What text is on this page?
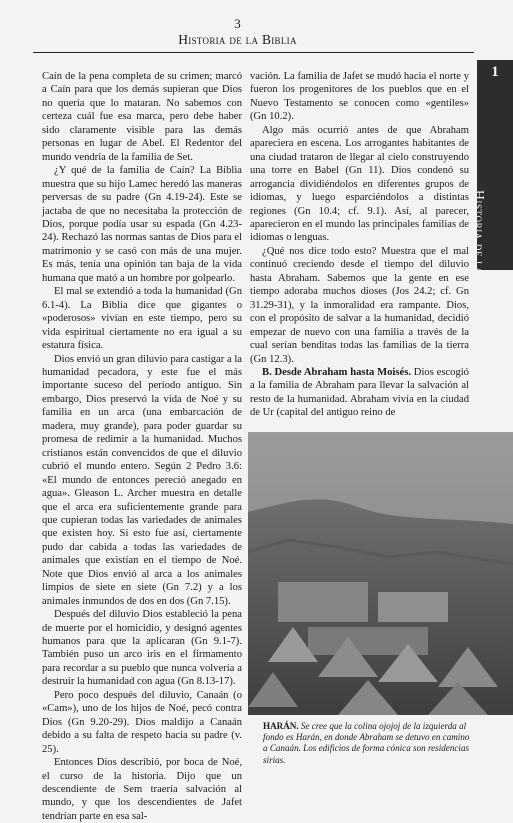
3
Historia de la Biblia
1
Historia de la Biblia

Caín de la pena completa de su crimen; marcó a Caín para que los demás supieran que Dios no quería que lo mataran. No sabemos con certeza cuál fue esa marca, pero debe haber sido claramente visible para las demás personas en lugar de Abel. El Redentor del mundo vendría de la familia de Set.

¿Y qué de la familia de Caín? La Biblia muestra que su hijo Lamec heredó las maneras perversas de su padre (Gn 4.19-24). Este se jactaba de que no necesitaba la protección de Dios, porque podía usar su espada (Gn 4.23-24). Rechazó las normas santas de Dios para el matrimonio y se casó con más de una mujer. Es más, tenía una opinión tan baja de la vida humana que mató a un hombre por golpearlo.

El mal se extendió a toda la humanidad (Gn 6.1-4). La Biblia dice que gigantes o «poderosos» vivían en este tiempo, pero su vida espiritual ciertamente no era igual a su estatura física.

Dios envió un gran diluvio para castigar a la humanidad pecadora, y este fue el más importante suceso del período antiguo. Sin embargo, Dios preservó la vida de Noé y su familia en un arca (una embarcación de madera, muy grande), para poder guardar su promesa de redimir a la humanidad. Muchos cristianos están convencidos de que el diluvio cubrió el mundo entero. Según 2 Pedro 3.6: «El mundo de entonces pereció anegado en agua». Gleason L. Archer muestra en detalle que el arca era suficientemente grande para que cupieran todas las variedades de animales que existen hoy. Si esto fue así, ciertamente pudo dar cabida a todas las variedades de animales que existían en el tiempo de Noé. Note que Dios envió al arca a los animales limpios de siete en siete (Gn 7.2) y a los animales inmundos de dos en dos (Gn 7.15).

Después del diluvio Dios estableció la pena de muerte por el homicidio, y designó agentes humanos para que la aplicaran (Gn 9.1-7). También puso un arco iris en el firmamento para recordar a su pueblo que nunca volvería a destruir la humanidad con agua (Gn 8.13-17).

Pero poco después del diluvio, Canaán (o «Cam»), uno de los hijos de Noé, pecó contra Dios (Gn 9.20-29). Dios maldijo a Canaán debido a su falta de respeto hacia su padre (v. 25).

Entonces Dios describió, por boca de Noé, el curso de la historia. Dijo que un descendiente de Sem traería salvación al mundo, y que los descendientes de Jafet tendrían parte en esa sal-

vación. La familia de Jafet se mudó hacia el norte y fueron los progenitores de los pueblos que en el Nuevo Testamento se conocen como «gentiles» (Gn 10.2).

Algo más ocurrió antes de que Abraham apareciera en escena. Los arrogantes habitantes de una ciudad trataron de llegar al cielo construyendo una torre en Babel (Gn 11). Dios condenó su arrogancia dividiéndolos en diferentes grupos de idiomas, y luego esparciéndolos a distintas regiones (Gn 10.4; cf. 9.1). Así, al parecer, aparecieron en el mundo las principales familias de idiomas o lenguas.

¿Qué nos dice todo esto? Muestra que el mal continuó creciendo desde el tiempo del diluvio hasta Abraham. Sabemos que la gente en ese tiempo adoraba muchos dioses (Jos 24.2; cf. Gn 31.29-31), y la inmoralidad era rampante. Dios, con el propósito de salvar a la humanidad, decidió empezar de nuevo con una familia a través de la cual serían benditas todas las familias de la tierra (Gn 12.3).

B. Desde Abraham hasta Moisés. Dios escogió a la familia de Abraham para llevar la salvación al resto de la humanidad. Abraham vivía en la ciudad de Ur (capital del antiguo reino de

HARÁN. Se cree que la colina ojojoj de la izquierda al fondo es Harán, en donde Abraham se detuvo en camino a Canaán. Los edificios de forma cónica son residencias sirias.
